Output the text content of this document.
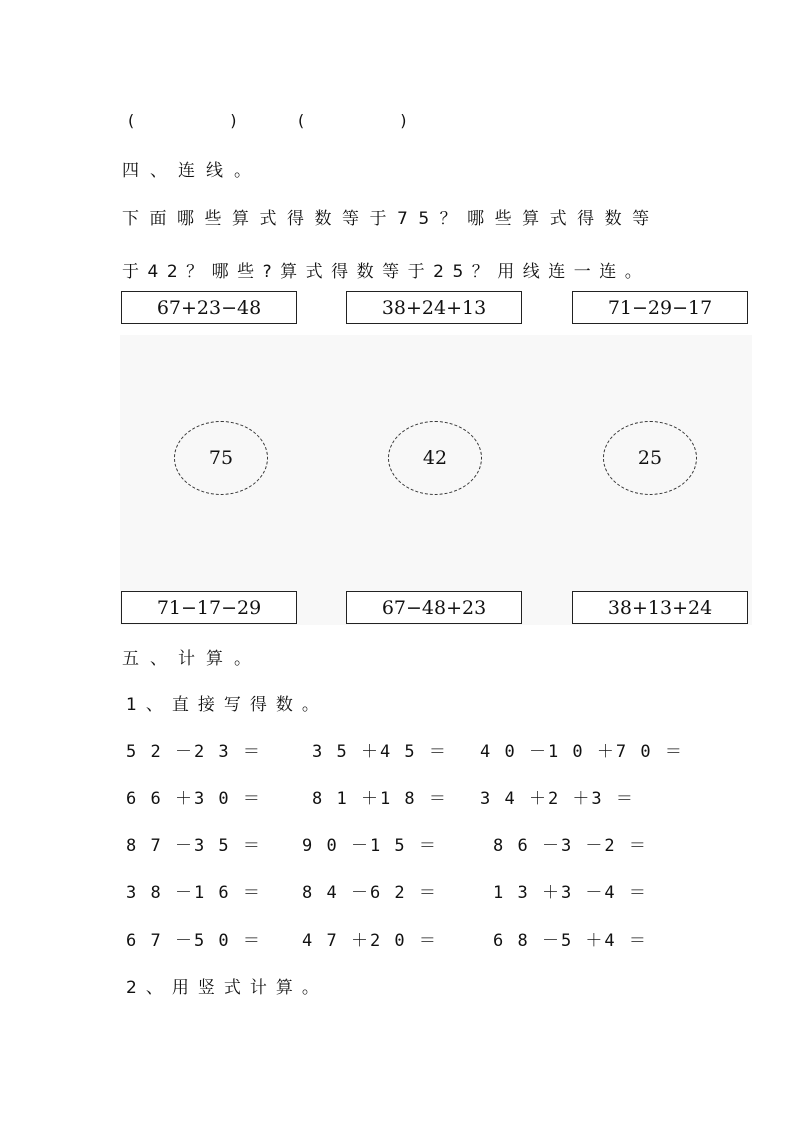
(　　　　　　)	(　　　　　　)
四、连线。
下面哪些算式得数等于75？哪些算式得数等
于42？哪些?算式得数等于25？用线连一连。
67+23−48	38+24+13	71−29−17
75	42	25
71−17−29	67−48+23	38+13+24
五、计算。
1、直接写得数。
5 2 －2 3 ＝	3 5 ＋4 5 ＝ 4 0 －1 0 ＋7 0 ＝
6 6 ＋3 0 ＝	8 1 ＋1 8 ＝ 3 4 ＋2 ＋3 ＝
8 7 －3 5 ＝ 9 0 －1 5 ＝	8 6 －3 －2 ＝
3 8 －1 6 ＝ 8 4 －6 2 ＝	1 3 ＋3 －4 ＝
6 7 －5 0 ＝ 4 7 ＋2 0 ＝	6 8 －5 ＋4 ＝
2、用竖式计算。
